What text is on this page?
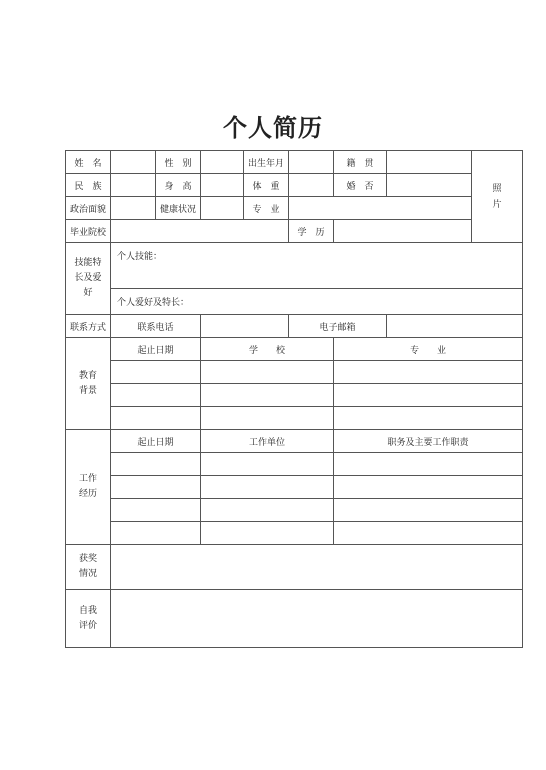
个人简历
姓　名		性　别		出生年月		籍　贯		照片
民　族		身　高		体　重		婚　否		
政治面貌		健康状况		专　业				
毕业院校					学　历			
技能特长及爱好	个人技能：							
	个人爱好及特长：							
联系方式	联系电话				电子邮箱			
教育背景	起止日期		学　　校			专　　业		

工作经历	起止日期		工作单位			职务及主要工作职责		

获奖情况								
自我评价								
